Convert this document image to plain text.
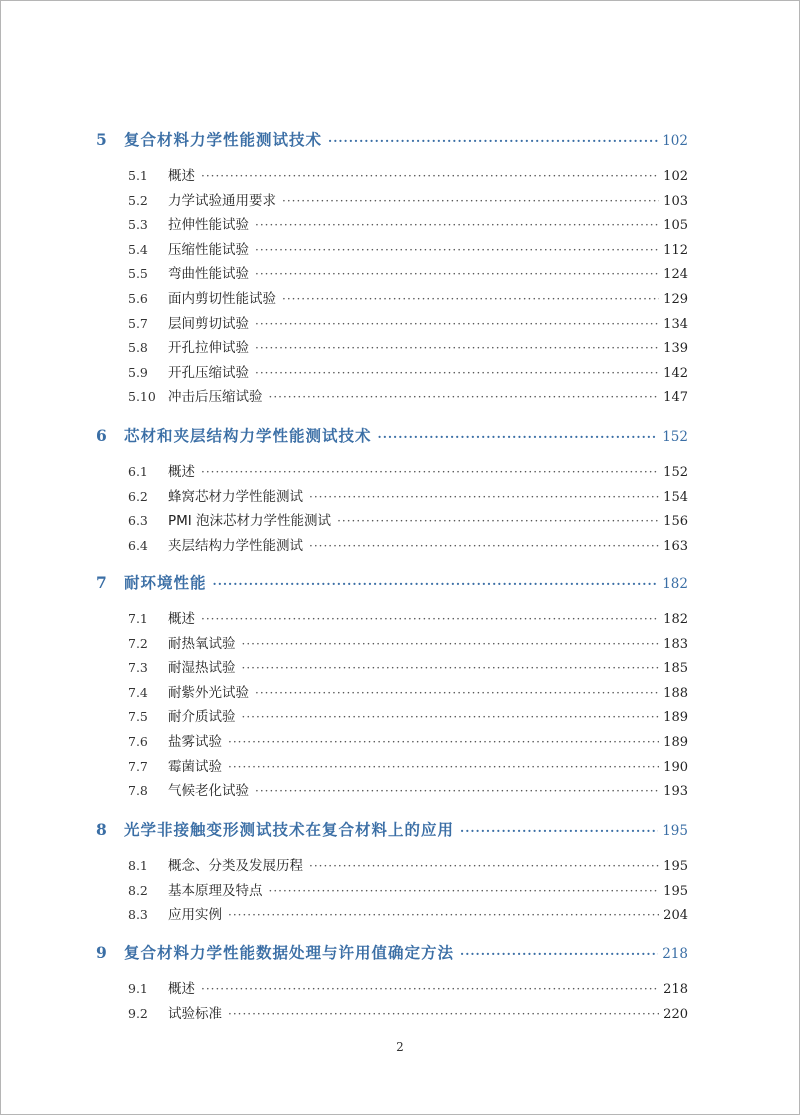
5	复合材料力学性能测试技术 ·····	102
5.1	概述 ·····	102
5.2	力学试验通用要求 ·····	103
5.3	拉伸性能试验 ·····	105
5.4	压缩性能试验 ·····	112
5.5	弯曲性能试验 ·····	124
5.6	面内剪切性能试验 ·····	129
5.7	层间剪切试验 ·····	134
5.8	开孔拉伸试验 ·····	139
5.9	开孔压缩试验 ·····	142
5.10 冲击后压缩试验 ·····	147
6	芯材和夹层结构力学性能测试技术 ·····	152
6.1	概述 ·····	152
6.2	蜂窝芯材力学性能测试 ·····	154
6.3	PMI 泡沫芯材力学性能测试 ·····	156
6.4	夹层结构力学性能测试 ·····	163
7	耐环境性能 ·····	182
7.1	概述 ·····	182
7.2	耐热氧试验 ·····	183
7.3	耐湿热试验 ·····	185
7.4	耐紫外光试验 ·····	188
7.5	耐介质试验 ·····	189
7.6	盐雾试验 ·····	189
7.7	霉菌试验 ·····	190
7.8	气候老化试验 ·····	193
8	光学非接触变形测试技术在复合材料上的应用 ·····	195
8.1	概念、分类及发展历程 ·····	195
8.2	基本原理及特点 ·····	195
8.3	应用实例 ·····	204
9	复合材料力学性能数据处理与许用值确定方法 ·····	218
9.1	概述 ·····	218
9.2	试验标准 ·····	220
2
